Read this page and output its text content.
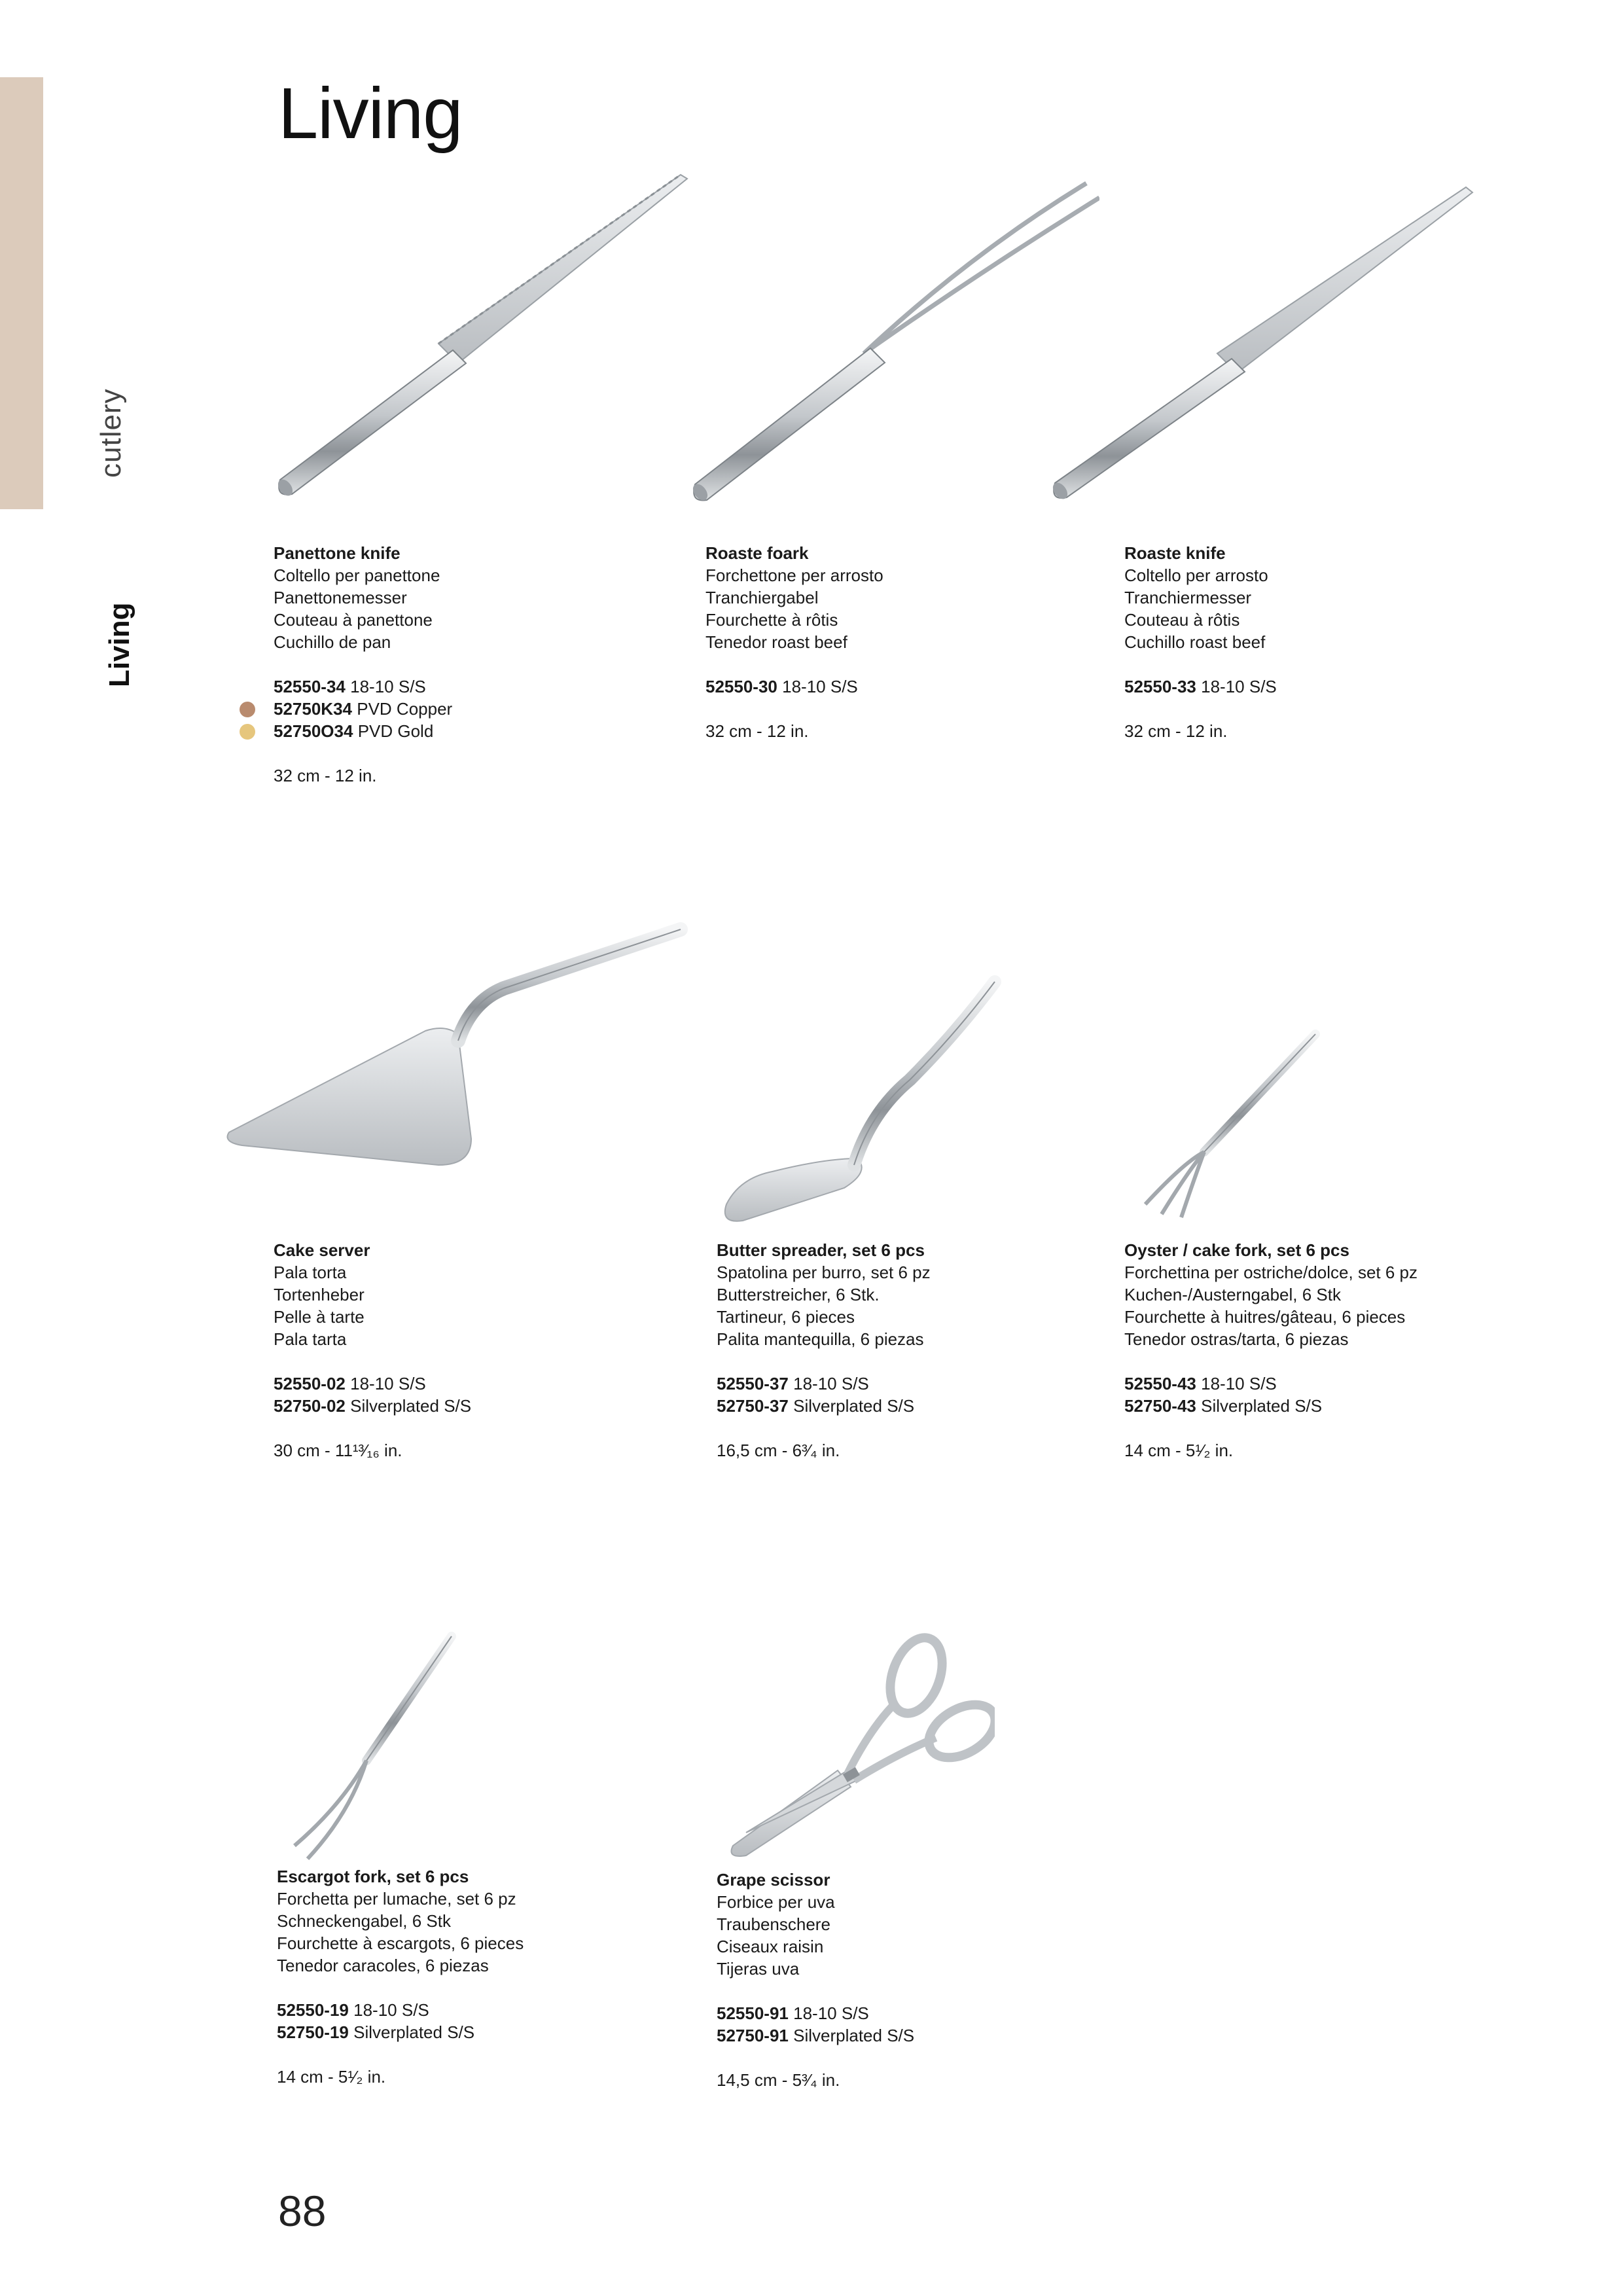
cutlery
Living
Living
Panettone knife
Coltello per panettone
Panettonemesser
Couteau à panettone
Cuchillo de pan
52550-34 18-10 S/S
52750K34 PVD Copper
52750O34 PVD Gold
32 cm - 12 in.
Roaste foark
Forchettone per arrosto
Tranchiergabel
Fourchette à rôtis
Tenedor roast beef
52550-30 18-10 S/S
32 cm - 12 in.
Roaste knife
Coltello per arrosto
Tranchiermesser
Couteau à rôtis
Cuchillo roast beef
52550-33 18-10 S/S
32 cm - 12 in.
Cake server
Pala torta
Tortenheber
Pelle à tarte
Pala tarta
52550-02 18-10 S/S
52750-02 Silverplated S/S
30 cm - 11¹³⁄₁₆ in.
Butter spreader, set 6 pcs
Spatolina per burro, set 6 pz
Butterstreicher, 6 Stk.
Tartineur, 6 pieces
Palita mantequilla, 6 piezas
52550-37 18-10 S/S
52750-37 Silverplated S/S
16,5 cm - 6³⁄₄ in.
Oyster / cake fork, set 6 pcs
Forchettina per ostriche/dolce, set 6 pz
Kuchen-/Austerngabel, 6 Stk
Fourchette à huitres/gâteau, 6 pieces
Tenedor ostras/tarta, 6 piezas
52550-43 18-10 S/S
52750-43 Silverplated S/S
14 cm - 5¹⁄₂ in.
Escargot fork, set 6 pcs
Forchetta per lumache, set 6 pz
Schneckengabel, 6 Stk
Fourchette à escargots, 6 pieces
Tenedor caracoles, 6 piezas
52550-19 18-10 S/S
52750-19 Silverplated S/S
14 cm - 5¹⁄₂ in.
Grape scissor
Forbice per uva
Traubenschere
Ciseaux raisin
Tijeras uva
52550-91 18-10 S/S
52750-91 Silverplated S/S
14,5 cm - 5³⁄₄ in.
88
